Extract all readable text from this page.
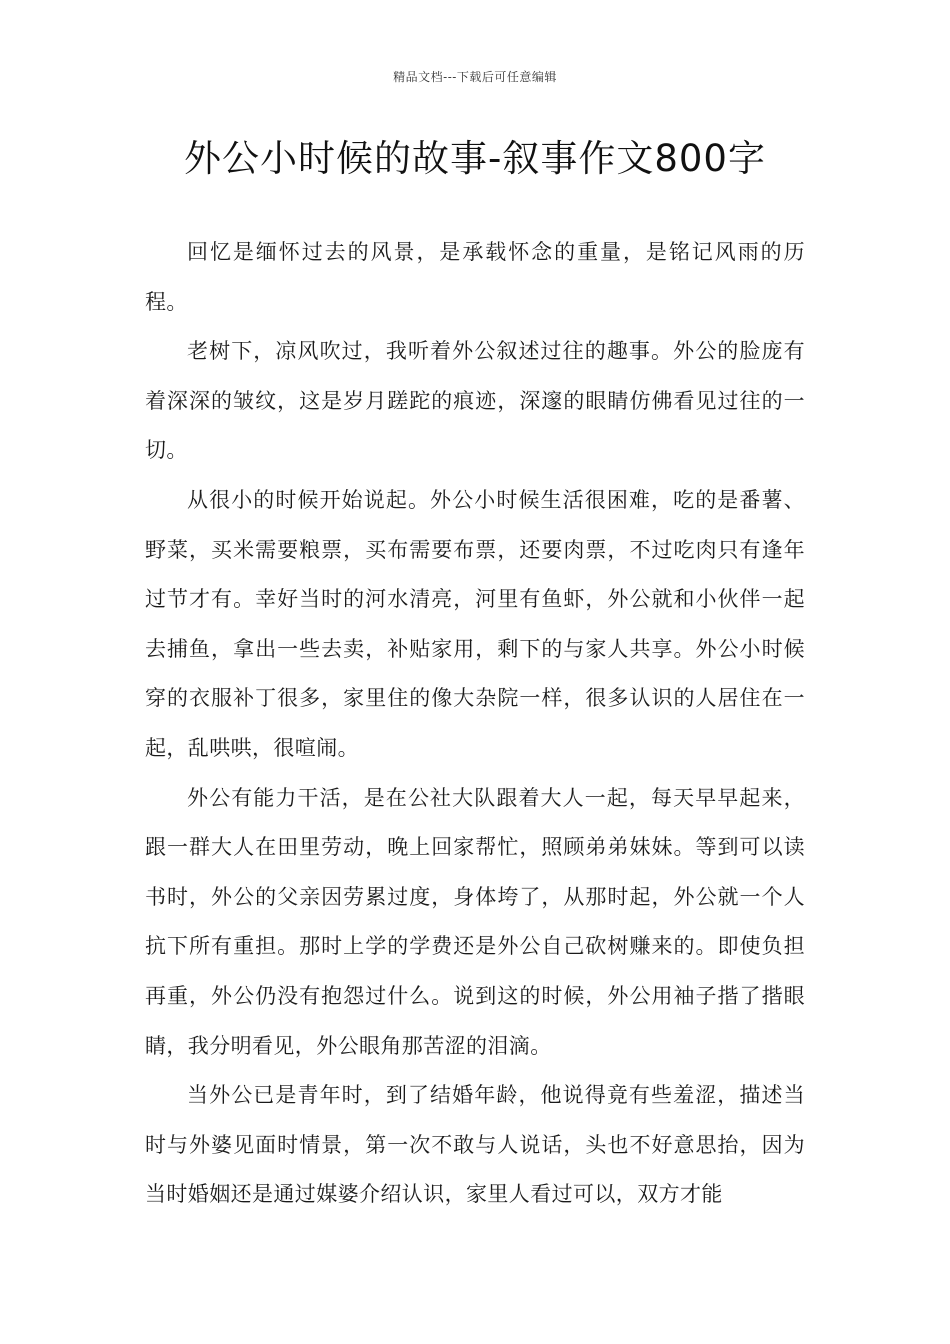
精品文档---下载后可任意编辑
外公小时候的故事-叙事作文800字

回忆是缅怀过去的风景，是承载怀念的重量，是铭记风雨的历程。

老树下，凉风吹过，我听着外公叙述过往的趣事。外公的脸庞有着深深的皱纹，这是岁月蹉跎的痕迹，深邃的眼睛仿佛看见过往的一切。

从很小的时候开始说起。外公小时候生活很困难，吃的是番薯、野菜，买米需要粮票，买布需要布票，还要肉票，不过吃肉只有逢年过节才有。幸好当时的河水清亮，河里有鱼虾，外公就和小伙伴一起去捕鱼，拿出一些去卖，补贴家用，剩下的与家人共享。外公小时候穿的衣服补丁很多，家里住的像大杂院一样，很多认识的人居住在一起，乱哄哄，很喧闹。

外公有能力干活，是在公社大队跟着大人一起，每天早早起来，跟一群大人在田里劳动，晚上回家帮忙，照顾弟弟妹妹。等到可以读书时，外公的父亲因劳累过度，身体垮了，从那时起，外公就一个人抗下所有重担。那时上学的学费还是外公自己砍树赚来的。即使负担再重，外公仍没有抱怨过什么。说到这的时候，外公用袖子揩了揩眼睛，我分明看见，外公眼角那苦涩的泪滴。

当外公已是青年时，到了结婚年龄，他说得竟有些羞涩，描述当时与外婆见面时情景，第一次不敢与人说话，头也不好意思抬，因为当时婚姻还是通过媒婆介绍认识，家里人看过可以，双方才能
